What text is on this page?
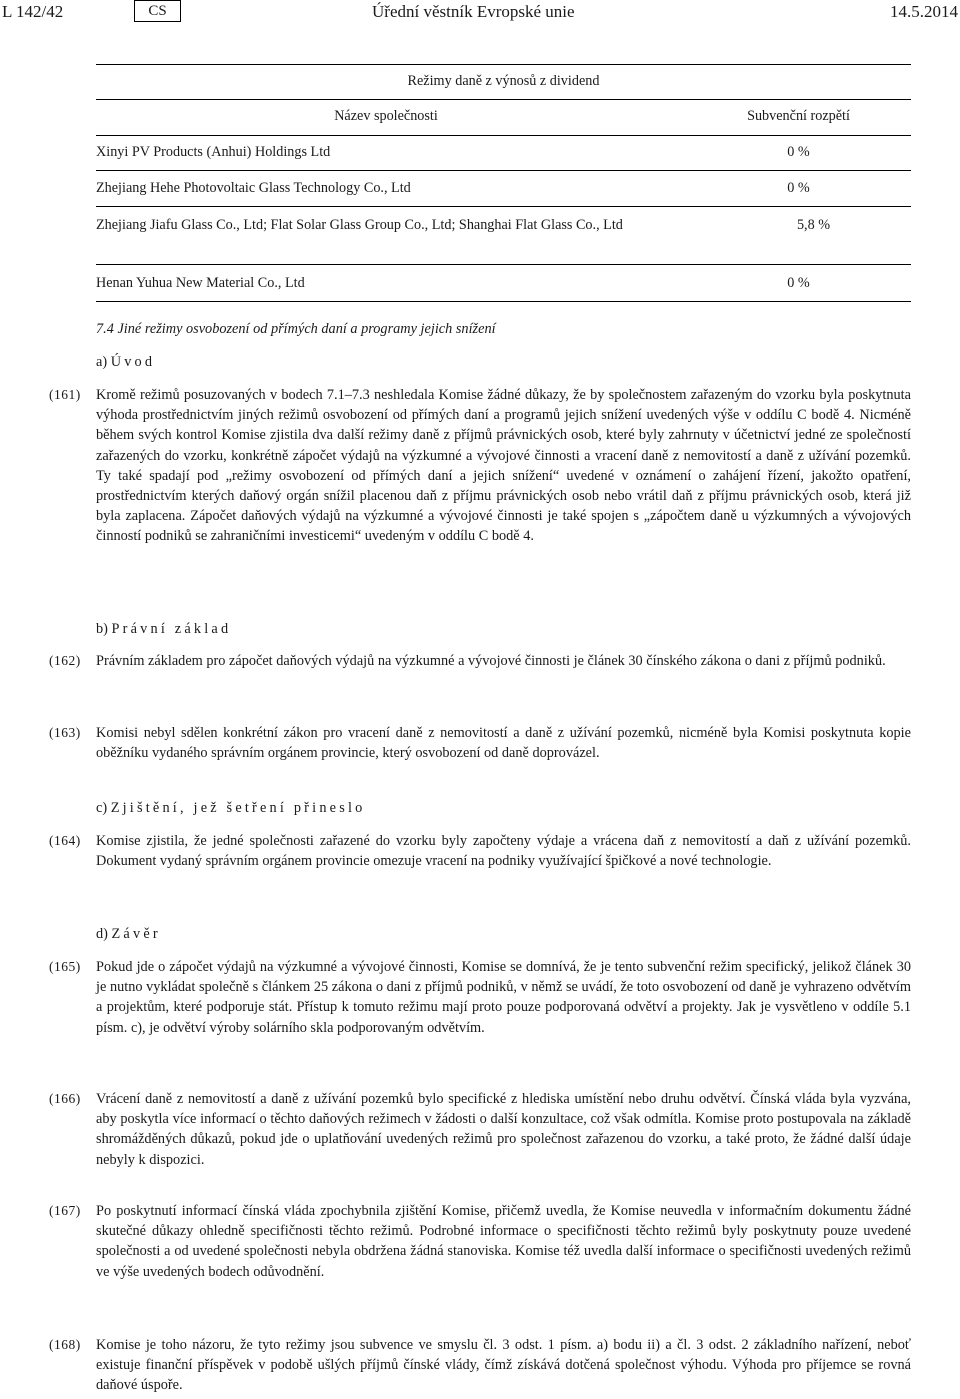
L 142/42	CS	Úřední věstník Evropské unie	14.5.2014
Režimy daně z výnosů z dividend
Název společnosti	Subvenční rozpětí
Xinyi PV Products (Anhui) Holdings Ltd	0 %
Zhejiang Hehe Photovoltaic Glass Technology Co., Ltd	0 %
Zhejiang Jiafu Glass Co., Ltd; Flat Solar Glass Group Co., Ltd; Shanghai Flat Glass Co., Ltd	5,8 %
Henan Yuhua New Material Co., Ltd	0 %
7.4 Jiné režimy osvobození od přímých daní a programy jejich snížení
a) Úvod
(161) Kromě režimů posuzovaných v bodech 7.1–7.3 neshledala Komise žádné důkazy, že by společnostem zařazeným do vzorku byla poskytnuta výhoda prostřednictvím jiných režimů osvobození od přímých daní a programů jejich snížení uvedených výše v oddílu C bodě 4. Nicméně během svých kontrol Komise zjistila dva další režimy daně z příjmů právnických osob, které byly zahrnuty v účetnictví jedné ze společností zařazených do vzorku, konkrétně zápočet výdajů na výzkumné a vývojové činnosti a vracení daně z nemovitostí a daně z užívání pozemků. Ty také spadají pod „režimy osvobození od přímých daní a jejich snížení“ uvedené v oznámení o zahájení řízení, jakožto opatření, prostřednictvím kterých daňový orgán snížil placenou daň z příjmu právnických osob nebo vrátil daň z příjmu právnických osob, která již byla zaplacena. Zápočet daňových výdajů na výzkumné a vývojové činnosti je také spojen s „zápočtem daně u výzkumných a vývojových činností podniků se zahraničními investicemi“ uvedeným v oddílu C bodě 4.
b) Právní základ
(162) Právním základem pro zápočet daňových výdajů na výzkumné a vývojové činnosti je článek 30 čínského zákona o dani z příjmů podniků.
(163) Komisi nebyl sdělen konkrétní zákon pro vracení daně z nemovitostí a daně z užívání pozemků, nicméně byla Komisi poskytnuta kopie oběžníku vydaného správním orgánem provincie, který osvobození od daně doprovázel.
c) Zjištění, jež šetření přineslo
(164) Komise zjistila, že jedné společnosti zařazené do vzorku byly započteny výdaje a vrácena daň z nemovitostí a daň z užívání pozemků. Dokument vydaný správním orgánem provincie omezuje vracení na podniky využívající špičkové a nové technologie.
d) Závěr
(165) Pokud jde o zápočet výdajů na výzkumné a vývojové činnosti, Komise se domnívá, že je tento subvenční režim specifický, jelikož článek 30 je nutno vykládat společně s článkem 25 zákona o dani z příjmů podniků, v němž se uvádí, že toto osvobození od daně je vyhrazeno odvětvím a projektům, které podporuje stát. Přístup k tomuto režimu mají proto pouze podporovaná odvětví a projekty. Jak je vysvětleno v oddíle 5.1 písm. c), je odvětví výroby solárního skla podporovaným odvětvím.
(166) Vrácení daně z nemovitostí a daně z užívání pozemků bylo specifické z hlediska umístění nebo druhu odvětví. Čínská vláda byla vyzvána, aby poskytla více informací o těchto daňových režimech v žádosti o další konzultace, což však odmítla. Komise proto postupovala na základě shromážděných důkazů, pokud jde o uplatňování uvedených režimů pro společnost zařazenou do vzorku, a také proto, že žádné další údaje nebyly k dispozici.
(167) Po poskytnutí informací čínská vláda zpochybnila zjištění Komise, přičemž uvedla, že Komise neuvedla v informačním dokumentu žádné skutečné důkazy ohledně specifičnosti těchto režimů. Podrobné informace o specifičnosti těchto režimů byly poskytnuty pouze uvedené společnosti a od uvedené společnosti nebyla obdržena žádná stanoviska. Komise též uvedla další informace o specifičnosti uvedených režimů ve výše uvedených bodech odůvodnění.
(168) Komise je toho názoru, že tyto režimy jsou subvence ve smyslu čl. 3 odst. 1 písm. a) bodu ii) a čl. 3 odst. 2 základního nařízení, neboť existuje finanční příspěvek v podobě ušlých příjmů čínské vlády, čímž získává dotčená společnost výhodu. Výhoda pro příjemce se rovná daňové úspoře.
